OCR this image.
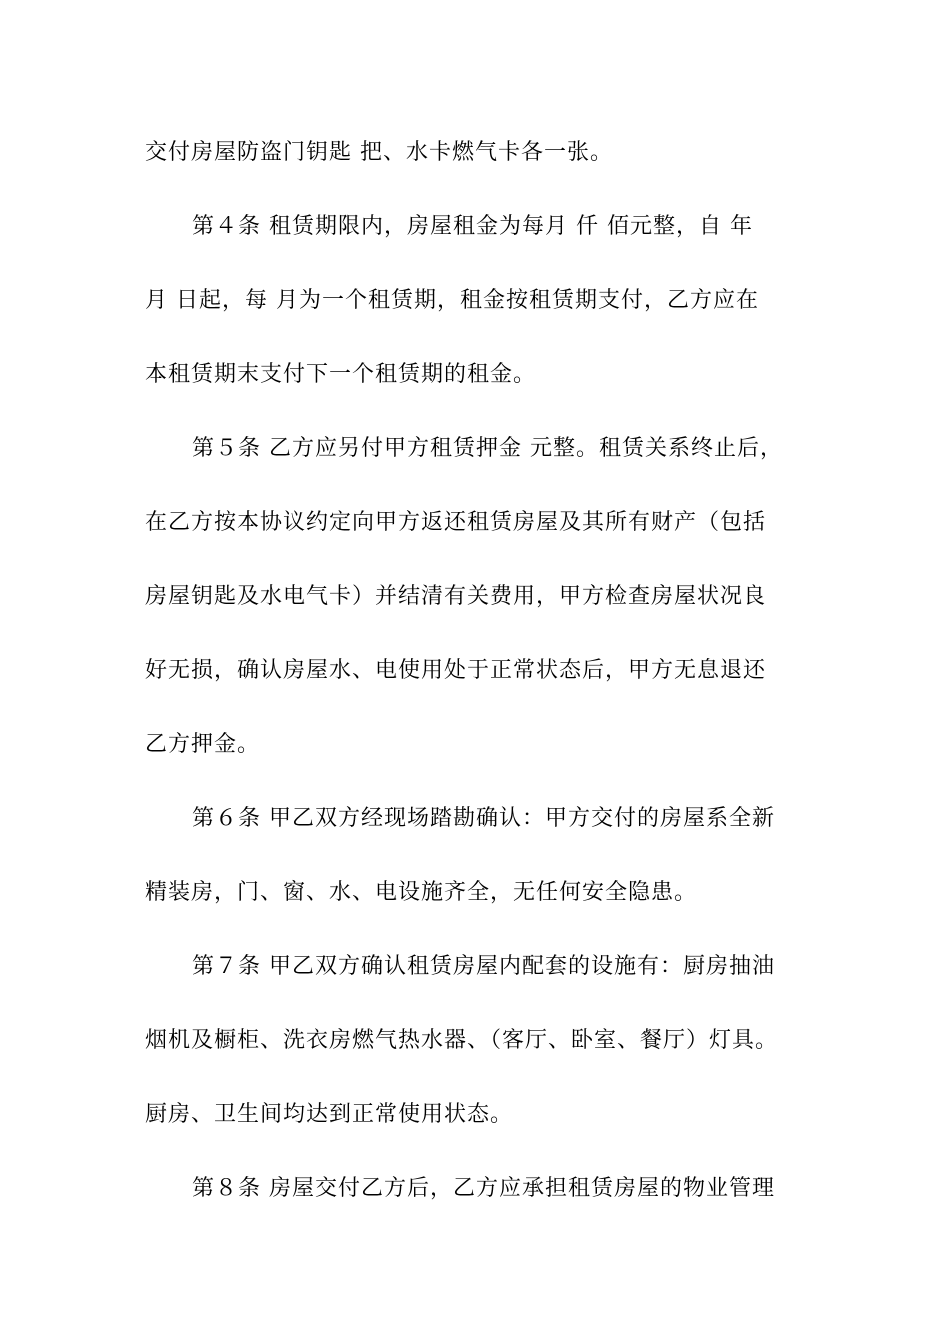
交付房屋防盗门钥匙 把、水卡燃气卡各一张。
第４条 租赁期限内，房屋租金为每月 仟 佰元整，自 年
月 日起，每 月为一个租赁期，租金按租赁期支付，乙方应在
本租赁期末支付下一个租赁期的租金。
第５条 乙方应另付甲方租赁押金 元整。租赁关系终止后，
在乙方按本协议约定向甲方返还租赁房屋及其所有财产（包括
房屋钥匙及水电气卡）并结清有关费用，甲方检查房屋状况良
好无损，确认房屋水、电使用处于正常状态后，甲方无息退还
乙方押金。
第６条 甲乙双方经现场踏勘确认：甲方交付的房屋系全新
精装房，门、窗、水、电设施齐全，无任何安全隐患。
第７条 甲乙双方确认租赁房屋内配套的设施有：厨房抽油
烟机及橱柜、洗衣房燃气热水器、（客厅、卧室、餐厅）灯具。
厨房、卫生间均达到正常使用状态。
第８条 房屋交付乙方后，乙方应承担租赁房屋的物业管理
